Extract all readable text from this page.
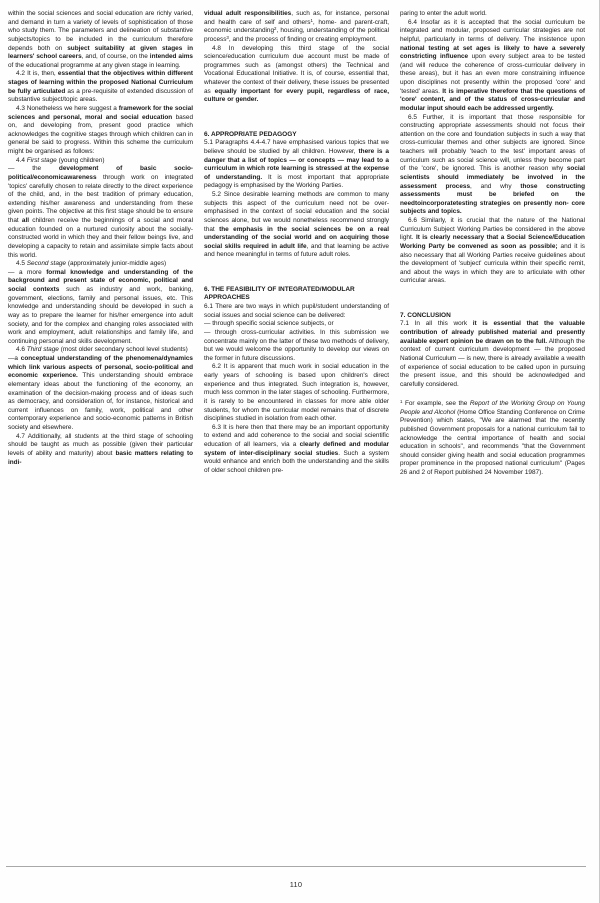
within the social sciences and social education are richly varied, and demand in turn a variety of levels of sophistication of those who study them. The parameters and delineation of substantive subjects/topics to be included in the curriculum therefore depends both on subject suitability at given stages in learners' school careers, and, of course, on the intended aims of the educational programme at any given stage in learning.

4.2 It is, then, essential that the objectives within different stages of learning within the proposed National Curriculum be fully articulated as a pre-requisite of extended discussion of substantive subject/topic areas.

4.3 Nonetheless we here suggest a framework for the social sciences and personal, moral and social education based on, and developing from, present good practice which acknowledges the cognitive stages through which children can in general be said to progress. Within this scheme the curriculum might be organised as follows:

4.4 First stage (young children)

— the development of basic socio-political/economicawareness through work on integrated 'topics' carefully chosen to relate directly to the direct experience of the child, and, in the best tradition of primary education, extending his/her awareness and understanding from these given points. The objective at this first stage should be to ensure that all children receive the beginnings of a social and moral education founded on a nurtured curiosity about the socially-constructed world in which they and their fellow beings live, and developing a capacity to retain and assimilate simple facts about this world.

4.5 Second stage (approximately junior-middle ages)

— a more formal knowledge and understanding of the background and present state of economic, political and social contexts such as industry and work, banking, government, elections, family and personal issues, etc. This knowledge and understanding should be developed in such a way as to prepare the learner for his/her emergence into adult society, and for the complex and changing roles associated with work and employment, adult relationships and family life, and continuing personal and skills development.

4.6 Third stage (most older secondary school level students)

—a conceptual understanding of the phenomena/dynamics which link various aspects of personal, socio-political and economic experience. This understanding should embrace elementary ideas about the functioning of the economy, an examination of the decision-making process and of ideas such as democracy, and consideration of, for instance, historical and current influences on family, work, political and other contemporary experience and socio-economic patterns in British society and elsewhere.

4.7 Additionally, all students at the third stage of schooling should be taught as much as possible (given their particular levels of ability and maturity) about basic matters relating to indi-

vidual adult responsibilities, such as, for instance, personal and health care of self and others$^1$, home- and parent-craft, economic understanding$^2$, housing, understanding of the political process$^3$, and the process of finding or creating employment.

4.8 In developing this third stage of the social science/education curriculum due account must be made of programmes such as (amongst others) the Technical and Vocational Educational Initiative. It is, of course, essential that, whatever the context of their delivery, these issues be presented as equally important for every pupil, regardless of race, culture or gender.

6. APPROPRIATE PEDAGOGY

5.1 Paragraphs 4.4-4.7 have emphasised various topics that we believe should be studied by all children. However, there is a danger that a list of topics — or concepts — may lead to a curriculum in which rote learning is stressed at the expense of understanding. It is most important that appropriate pedagogy is emphasised by the Working Parties.

5.2 Since desirable learning methods are common to many subjects this aspect of the curriculum need not be over-emphasised in the context of social education and the social sciences alone, but we would nonetheless recommend strongly that the emphasis in the social sciences be on a real understanding of the social world and on acquiring those social skills required in adult life, and that learning be active and hence meaningful in terms of future adult roles.

6. THE FEASIBILITY OF INTEGRATED/MODULAR APPROACHES

6.1 There are two ways in which pupil/student understanding of social issues and social science can be delivered:

— through specific social science subjects, or

— through cross-curricular activities. In this submission we concentrate mainly on the latter of these two methods of delivery, but we would welcome the opportunity to develop our views on the former in future discussions.

6.2 It is apparent that much work in social education in the early years of schooling is based upon children's direct experience and thus integrated. Such integration is, however, much less common in the later stages of schooling. Furthermore, it is rarely to be encountered in classes for more able older students, for whom the curricular model remains that of discrete disciplines studied in isolation from each other.

6.3 It is here then that there may be an important opportunity to extend and add coherence to the social and social scientific education of all learners, via a clearly defined and modular system of inter-disciplinary social studies. Such a system would enhance and enrich both the understanding and the skills of older school children pre-

paring to enter the adult world.

6.4 Insofar as it is accepted that the social curriculum be integrated and modular, proposed curricular strategies are not helpful, particularly in terms of delivery. The insistence upon national testing at set ages is likely to have a severely constricting influence upon every subject area to be tested (and will reduce the coherence of cross-curricular delivery in these areas), but it has an even more constraining influence upon disciplines not presently within the proposed 'core' and 'tested' areas. It is imperative therefore that the questions of 'core' content, and of the status of cross-curricular and modular input should each be addressed urgently.

6.5 Further, it is important that those responsible for constructing appropriate assessments should not focus their attention on the core and foundation subjects in such a way that cross-curricular themes and other subjects are ignored. Since teachers will probably 'teach to the test' important areas of curriculum such as social science will, unless they become part of the 'core', be ignored. This is another reason why social scientists should immediately be involved in the assessment process, and why those constructing assessments must be briefed on the needtoincorporatetesting strategies on presently non- core subjects and topics.

6.6 Similarly, it is crucial that the nature of the National Curriculum Subject Working Parties be considered in the above light. It is clearly necessary that a Social Science/Education Working Party be convened as soon as possible; and it is also necessary that all Working Parties receive guidelines about the development of 'subject' curricula within their specific remit, and about the ways in which they are to articulate with other curricular areas.

7. CONCLUSION

7.1 In all this work it is essential that the valuable contribution of already published material and presently available expert opinion be drawn on to the full. Although the context of current curriculum development — the proposed National Curriculum — is new, there is already available a wealth of experience of social education to be called upon in pursuing the present issue, and this should be acknowledged and carefully considered.

$^1$ For example, see the Report of the Working Group on Young People and Alcohol (Home Office Standing Conference on Crime Prevention) which states, ''We are alarmed that the recently published Government proposals for a national curriculum fail to acknowledge the central importance of health and social education in schools'', and recommends ''that the Government should consider giving health and social education programmes proper prominence in the proposed national curriculum'' (Pages 26 and 2 of Report published 24 November 1987).

110
